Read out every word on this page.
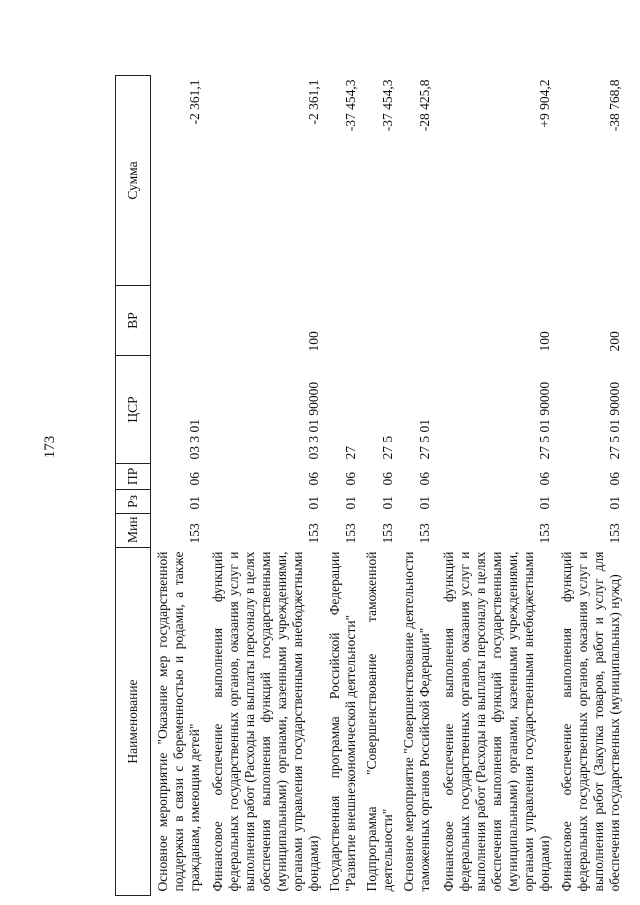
173
Наименование	Мин	Рз	ПР	ЦСР	ВР	Сумма
Основное мероприятие "Оказание мер государственной поддержки в связи с беременностью и родами, а также гражданам, имеющим детей"	153	01	06	03 3 01		-2 361,1
Финансовое обеспечение выполнения функций федеральных государственных органов, оказания услуг и выполнения работ (Расходы на выплаты персоналу в целях обеспечения выполнения функций государственными (муниципальными) органами, казенными учреждениями, органами управления государственными внебюджетными фондами)	153	01	06	03 3 01 90000	100	-2 361,1
Государственная программа Российской Федерации "Развитие внешнеэкономической деятельности"	153	01	06	27		-37 454,3
Подпрограмма "Совершенствование таможенной деятельности"	153	01	06	27 5		-37 454,3
Основное мероприятие "Совершенствование деятельности таможенных органов Российской Федерации"	153	01	06	27 5 01		-28 425,8
Финансовое обеспечение выполнения функций федеральных государственных органов, оказания услуг и выполнения работ (Расходы на выплаты персоналу в целях обеспечения выполнения функций государственными (муниципальными) органами, казенными учреждениями, органами управления государственными внебюджетными фондами)	153	01	06	27 5 01 90000	100	+9 904,2
Финансовое обеспечение выполнения функций федеральных государственных органов, оказания услуг и выполнения работ (Закупка товаров, работ и услуг для обеспечения государственных (муниципальных) нужд)	153	01	06	27 5 01 90000	200	-38 768,8
